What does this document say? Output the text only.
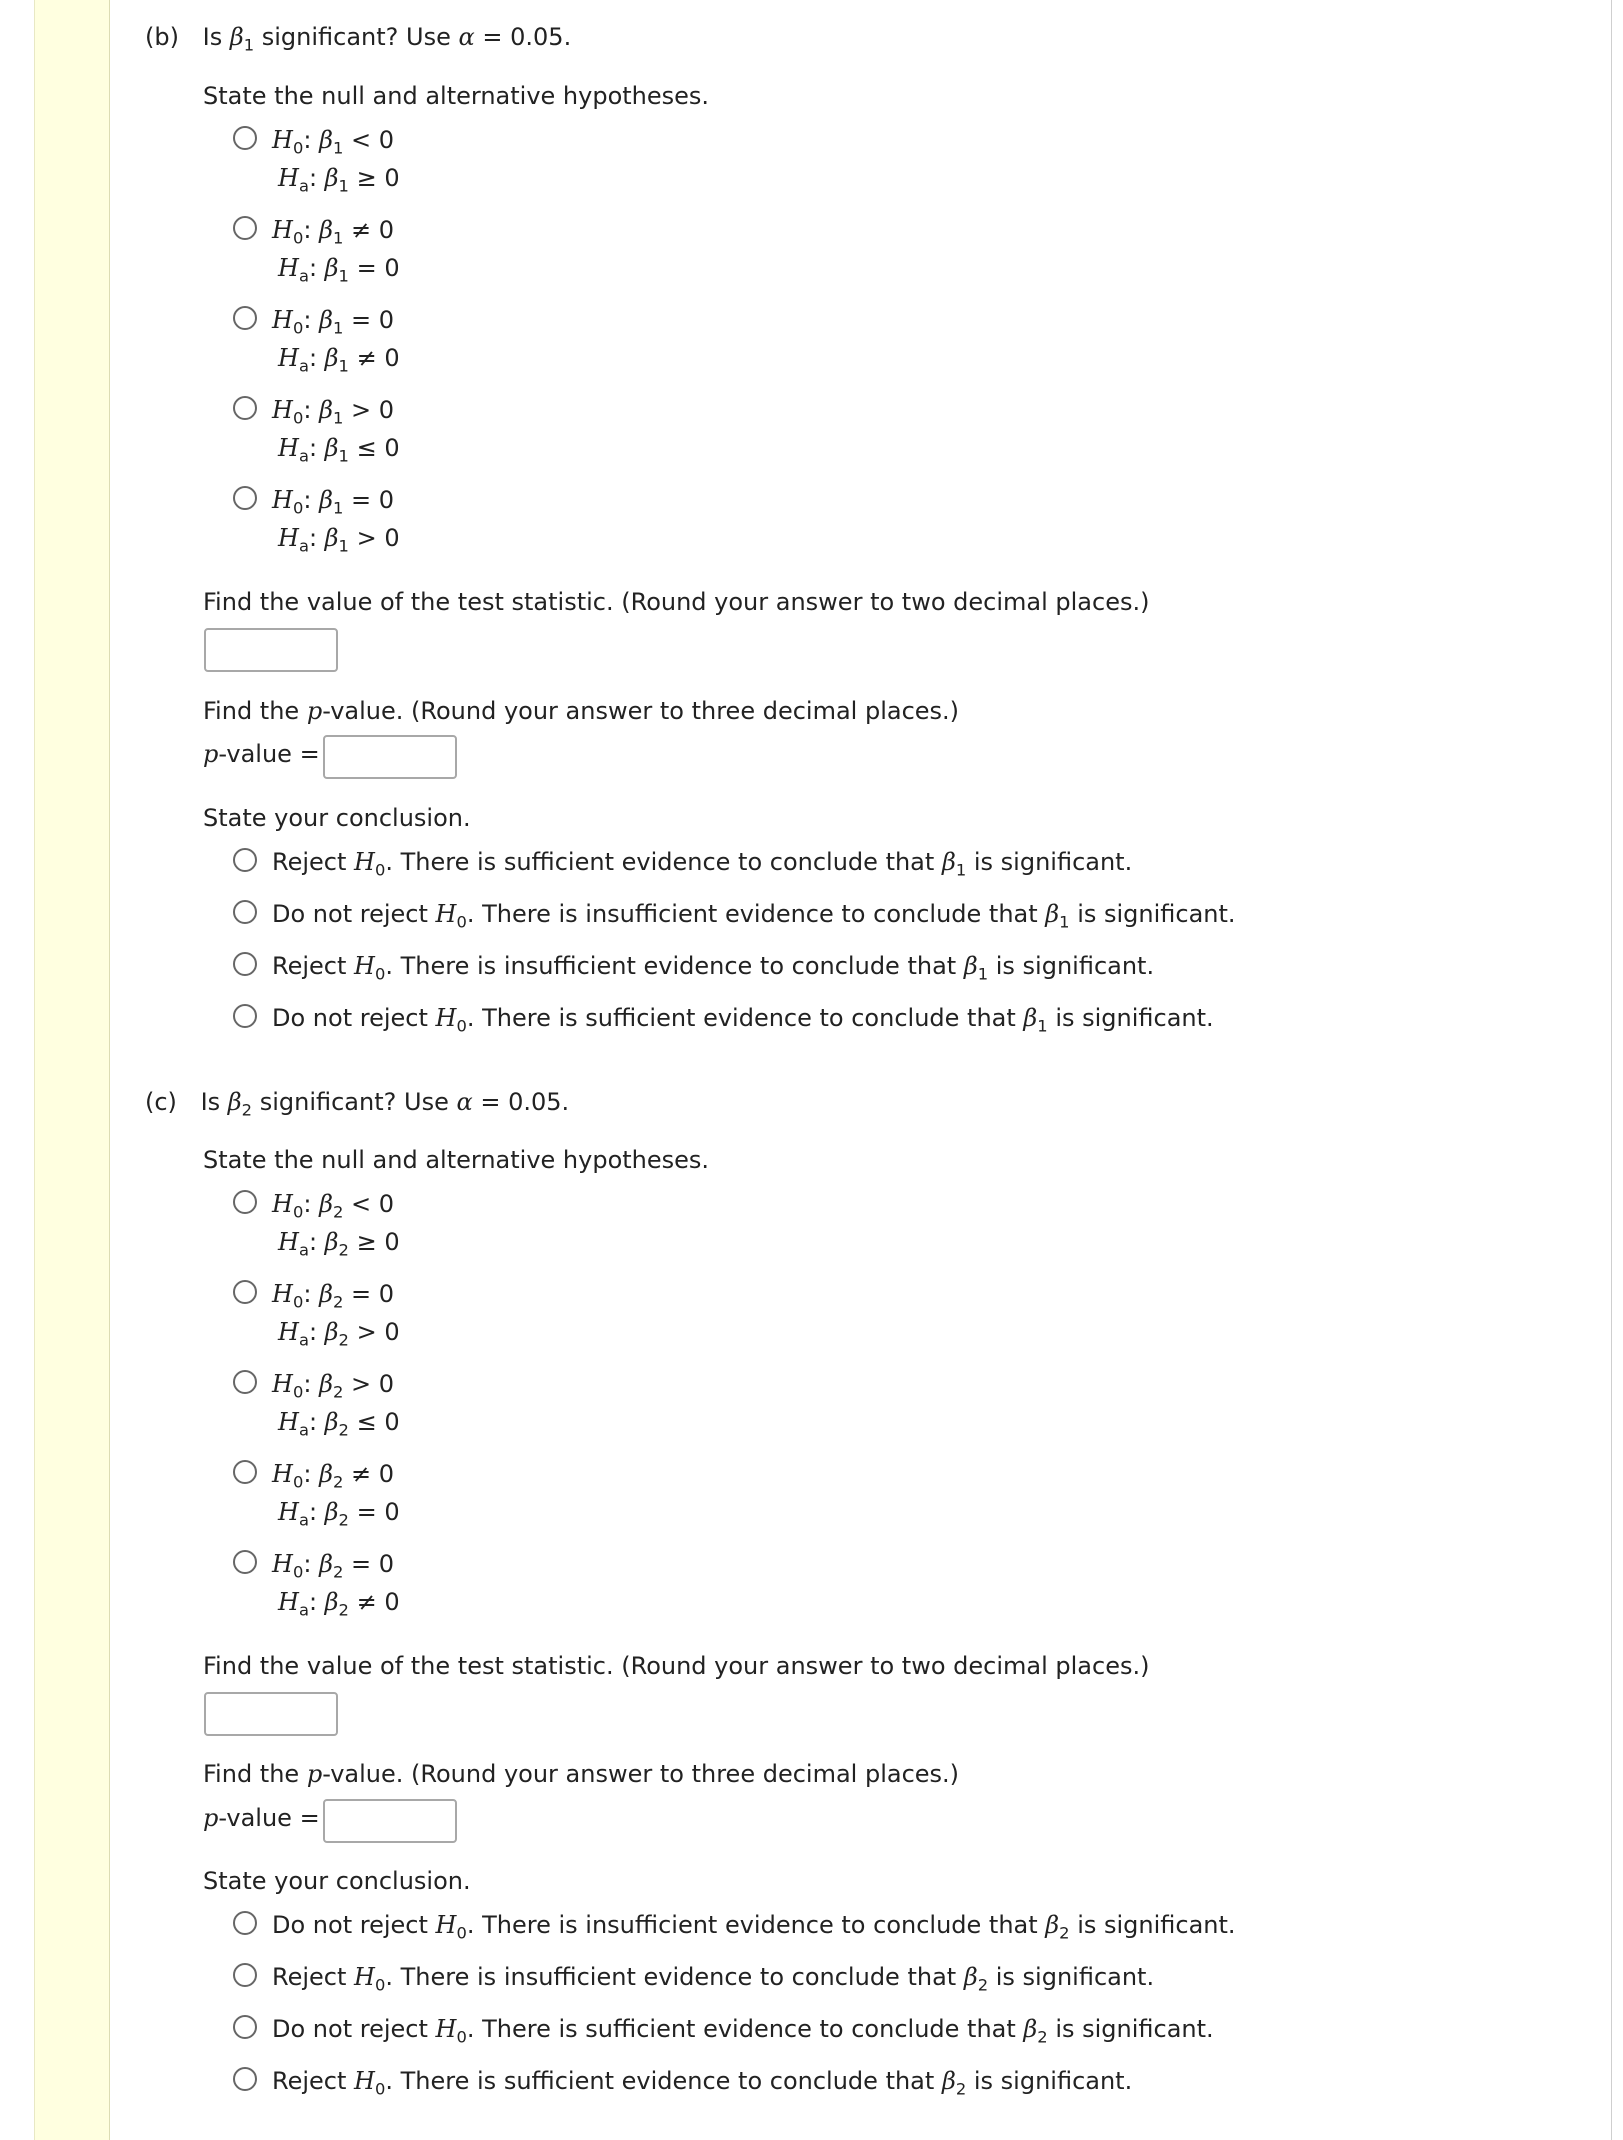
(b) Is $\beta_1$ significant? Use α = 0.05.
State the null and alternative hypotheses.
$H_0$: $\beta_1 < 0$
$H_a$: $\beta_1 \ge 0$
$H_0$: $\beta_1 \ne 0$
$H_a$: $\beta_1 = 0$
$H_0$: $\beta_1 = 0$
$H_a$: $\beta_1 \ne 0$
$H_0$: $\beta_1 > 0$
$H_a$: $\beta_1 \le 0$
$H_0$: $\beta_1 = 0$
$H_a$: $\beta_1 > 0$
Find the value of the test statistic. (Round your answer to two decimal places.)
Find the p-value. (Round your answer to three decimal places.)
p-value =
State your conclusion.
Reject $H_0$. There is sufficient evidence to conclude that $\beta_1$ is significant.
Do not reject $H_0$. There is insufficient evidence to conclude that $\beta_1$ is significant.
Reject $H_0$. There is insufficient evidence to conclude that $\beta_1$ is significant.
Do not reject $H_0$. There is sufficient evidence to conclude that $\beta_1$ is significant.
(c) Is $\beta_2$ significant? Use α = 0.05.
State the null and alternative hypotheses.
$H_0$: $\beta_2 < 0$
$H_a$: $\beta_2 \ge 0$
$H_0$: $\beta_2 = 0$
$H_a$: $\beta_2 > 0$
$H_0$: $\beta_2 > 0$
$H_a$: $\beta_2 \le 0$
$H_0$: $\beta_2 \ne 0$
$H_a$: $\beta_2 = 0$
$H_0$: $\beta_2 = 0$
$H_a$: $\beta_2 \ne 0$
Find the value of the test statistic. (Round your answer to two decimal places.)
Find the p-value. (Round your answer to three decimal places.)
p-value =
State your conclusion.
Do not reject $H_0$. There is insufficient evidence to conclude that $\beta_2$ is significant.
Reject $H_0$. There is insufficient evidence to conclude that $\beta_2$ is significant.
Do not reject $H_0$. There is sufficient evidence to conclude that $\beta_2$ is significant.
Reject $H_0$. There is sufficient evidence to conclude that $\beta_2$ is significant.
